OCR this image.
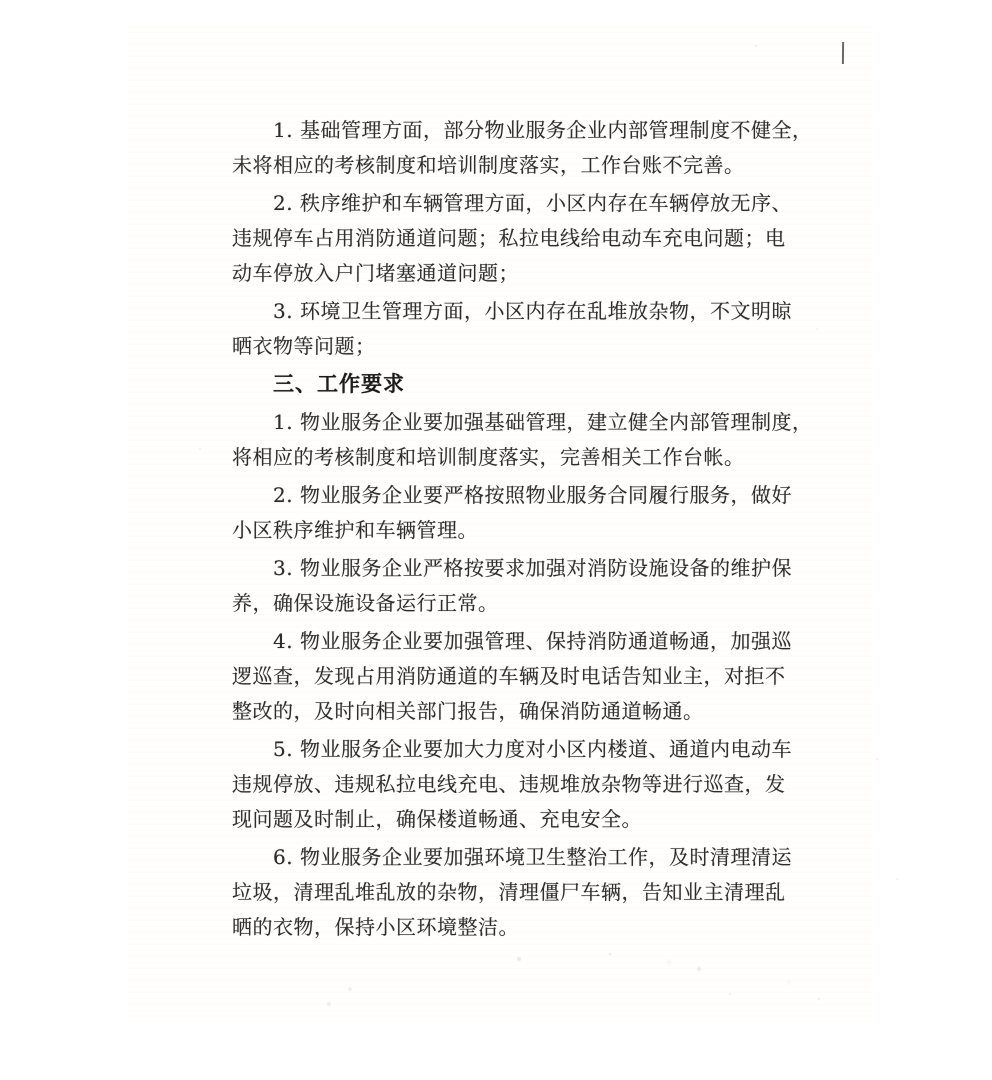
1. 基础管理方面，部分物业服务企业内部管理制度不健全，
未将相应的考核制度和培训制度落实，工作台账不完善。
2. 秩序维护和车辆管理方面，小区内存在车辆停放无序、
违规停车占用消防通道问题；私拉电线给电动车充电问题；电
动车停放入户门堵塞通道问题；
3. 环境卫生管理方面，小区内存在乱堆放杂物，不文明晾
晒衣物等问题；
三、工作要求
1. 物业服务企业要加强基础管理，建立健全内部管理制度，
将相应的考核制度和培训制度落实，完善相关工作台帐。
2. 物业服务企业要严格按照物业服务合同履行服务，做好
小区秩序维护和车辆管理。
3. 物业服务企业严格按要求加强对消防设施设备的维护保
养，确保设施设备运行正常。
4. 物业服务企业要加强管理、保持消防通道畅通，加强巡
逻巡查，发现占用消防通道的车辆及时电话告知业主，对拒不
整改的，及时向相关部门报告，确保消防通道畅通。
5. 物业服务企业要加大力度对小区内楼道、通道内电动车
违规停放、违规私拉电线充电、违规堆放杂物等进行巡查，发
现问题及时制止，确保楼道畅通、充电安全。
6. 物业服务企业要加强环境卫生整治工作，及时清理清运
垃圾，清理乱堆乱放的杂物，清理僵尸车辆，告知业主清理乱
晒的衣物，保持小区环境整洁。
